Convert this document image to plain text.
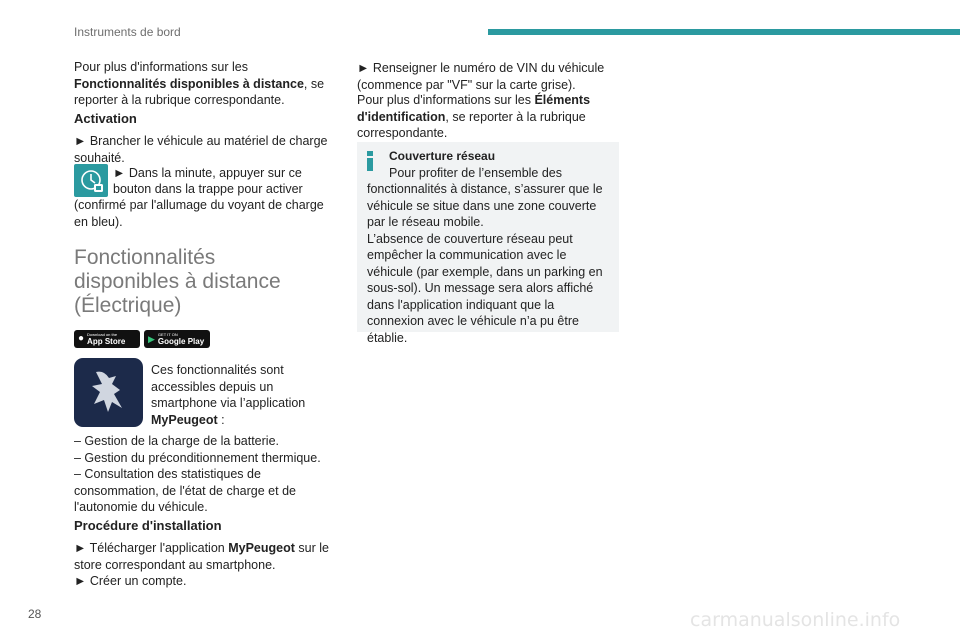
Instruments de bord

Pour plus d'informations sur les Fonctionnalités disponibles à distance, se reporter à la rubrique correspondante.

Activation
► Brancher le véhicule au matériel de charge souhaité.
► Dans la minute, appuyer sur ce
bouton dans la trappe pour activer
(confirmé par l'allumage du voyant de charge en bleu).
Fonctionnalités
disponibles à distance
(Électrique)
● Download on the
App Store	▶ GET IT ON
Google Play
Ces fonctionnalités sont
accessibles depuis un
smartphone via l’application
MyPeugeot :
– Gestion de la charge de la batterie.
– Gestion du préconditionnement thermique.
– Consultation des statistiques de consommation, de l'état de charge et de l'autonomie du véhicule.
Procédure d'installation

► Télécharger l'application MyPeugeot sur le store correspondant au smartphone.

► Créer un compte.
► Renseigner le numéro de VIN du véhicule (commence par "VF" sur la carte grise).

Pour plus d'informations sur les Éléments d'identification, se reporter à la rubrique correspondante.

Couverture réseau
Pour profiter de l’ensemble des
fonctionnalités à distance, s’assurer que le véhicule se situe dans une zone couverte par le réseau mobile.
L’absence de couverture réseau peut empêcher la communication avec le véhicule (par exemple, dans un parking en sous-sol). Un message sera alors affiché dans l'application indiquant que la connexion avec le véhicule n’a pu être établie.
28	carmanualsonline.info
